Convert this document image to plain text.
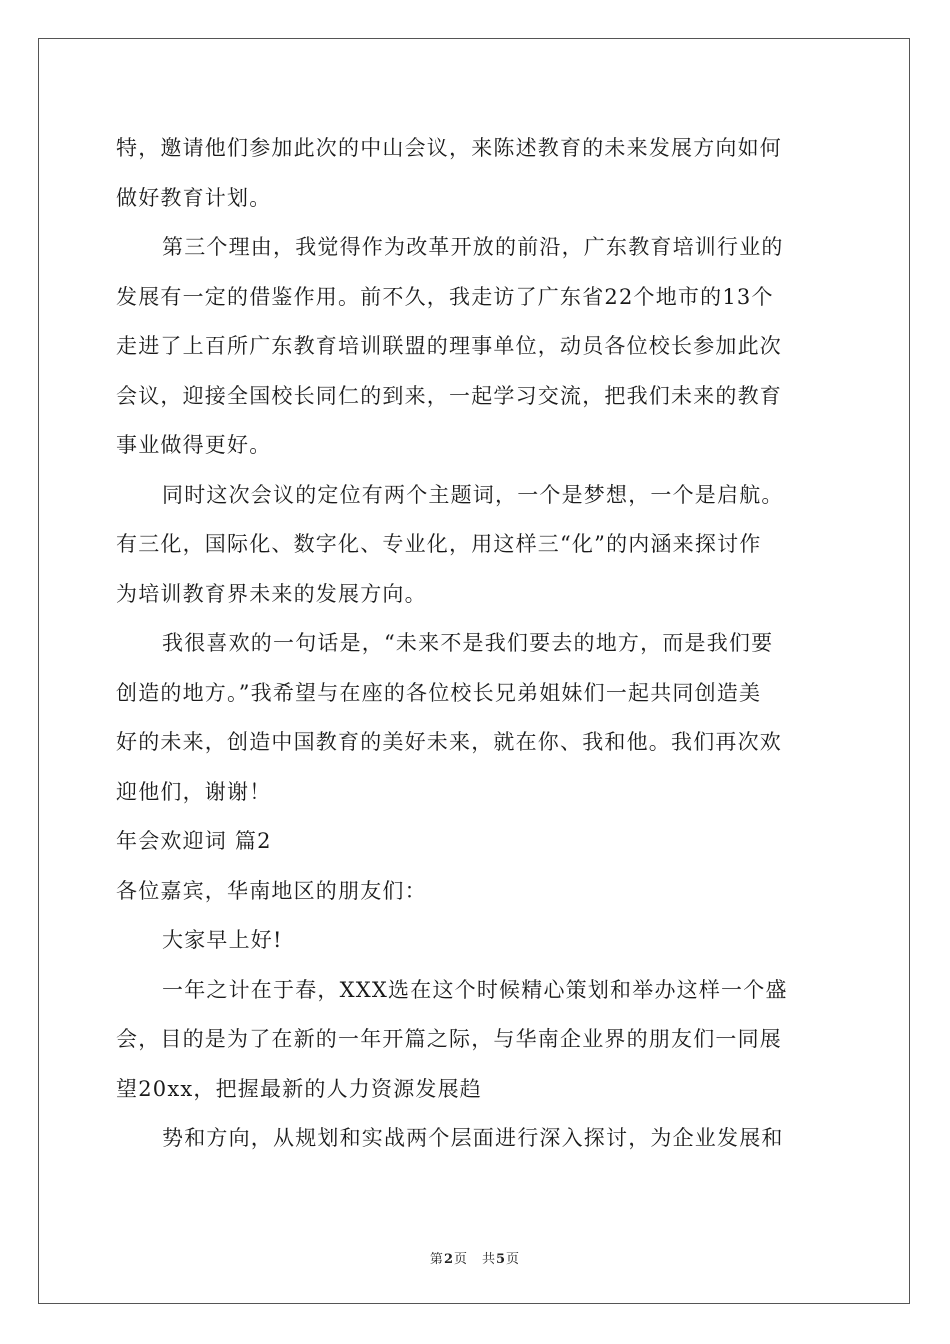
特，邀请他们参加此次的中山会议，来陈述教育的未来发展方向如何
做好教育计划。
第三个理由，我觉得作为改革开放的前沿，广东教育培训行业的
发展有一定的借鉴作用。前不久，我走访了广东省22个地市的13个
走进了上百所广东教育培训联盟的理事单位，动员各位校长参加此次
会议，迎接全国校长同仁的到来，一起学习交流，把我们未来的教育
事业做得更好。
同时这次会议的定位有两个主题词，一个是梦想，一个是启航。
有三化，国际化、数字化、专业化，用这样三“化”的内涵来探讨作
为培训教育界未来的发展方向。
我很喜欢的一句话是，“未来不是我们要去的地方，而是我们要
创造的地方。”我希望与在座的各位校长兄弟姐妹们一起共同创造美
好的未来，创造中国教育的美好未来，就在你、我和他。我们再次欢
迎他们，谢谢！
年会欢迎词 篇2
各位嘉宾，华南地区的朋友们：
大家早上好!
一年之计在于春，XXX选在这个时候精心策划和举办这样一个盛
会，目的是为了在新的一年开篇之际，与华南企业界的朋友们一同展
望20xx，把握最新的人力资源发展趋
势和方向，从规划和实战两个层面进行深入探讨，为企业发展和
第2页　共5页
